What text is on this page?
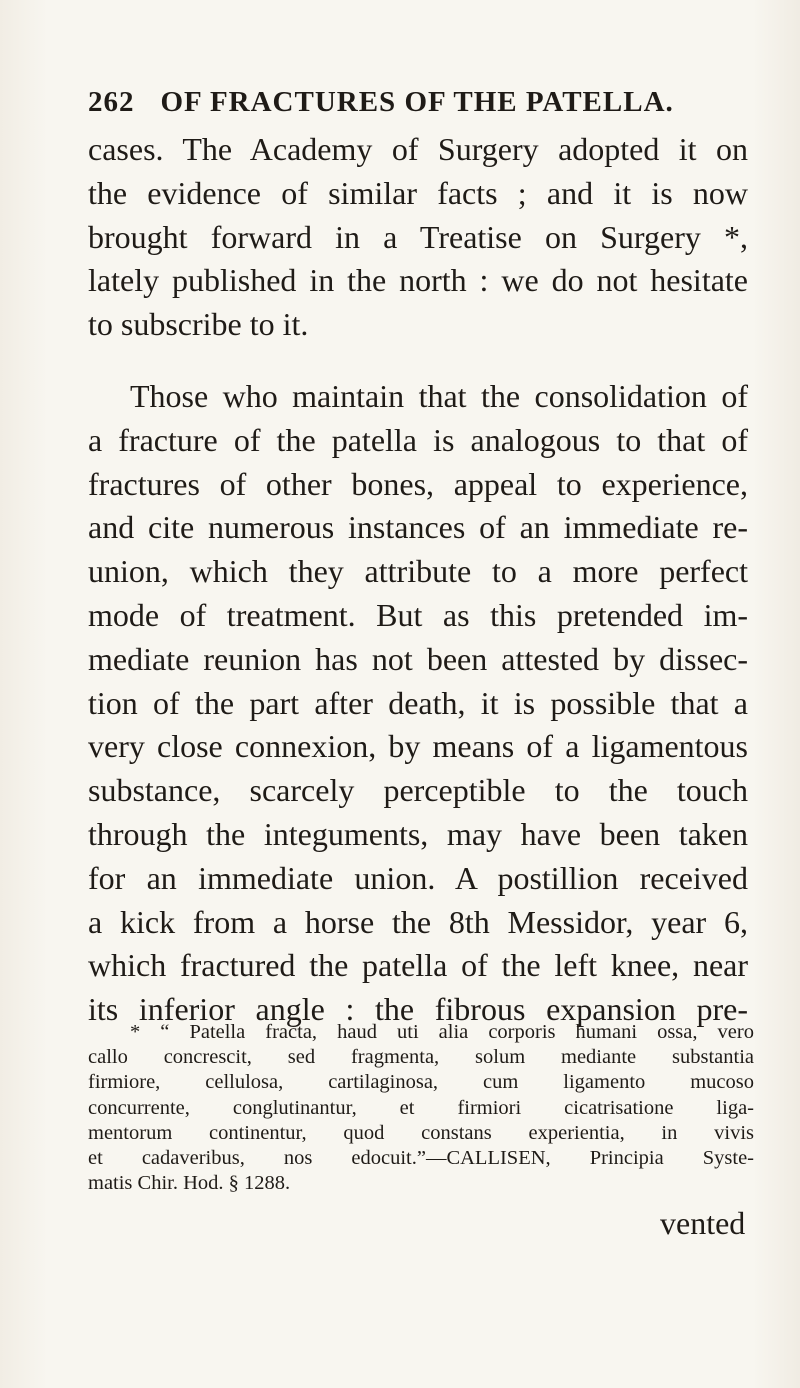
262 OF FRACTURES OF THE PATELLA.
cases. The Academy of Surgery adopted it on
the evidence of similar facts ; and it is now
brought forward in a Treatise on Surgery *,
lately published in the north : we do not hesitate
to subscribe to it.
Those who maintain that the consolidation of
a fracture of the patella is analogous to that of
fractures of other bones, appeal to experience,
and cite numerous instances of an immediate re-
union, which they attribute to a more perfect
mode of treatment. But as this pretended im-
mediate reunion has not been attested by dissec-
tion of the part after death, it is possible that a
very close connexion, by means of a ligamentous
substance, scarcely perceptible to the touch
through the integuments, may have been taken
for an immediate union. A postillion received
a kick from a horse the 8th Messidor, year 6,
which fractured the patella of the left knee, near
its inferior angle : the fibrous expansion pre-
* “ Patella fracta, haud uti alia corporis humani ossa, vero
callo concrescit, sed fragmenta, solum mediante substantia
firmiore, cellulosa, cartilaginosa, cum ligamento mucoso
concurrente, conglutinantur, et firmiori cicatrisatione liga-
mentorum continentur, quod constans experientia, in vivis
et cadaveribus, nos edocuit.”—CALLISEN, Principia Syste-
matis Chir. Hod. § 1288.
vented
